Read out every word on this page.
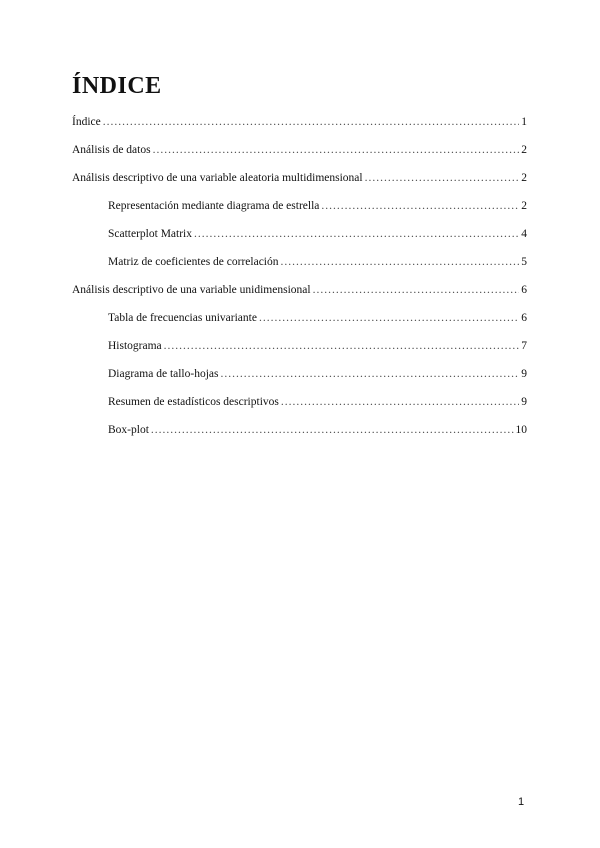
ÍNDICE
Índice .....	1
Análisis de datos .....	2
Análisis descriptivo de una variable aleatoria multidimensional .....	2
Representación mediante diagrama de estrella .....	2
Scatterplot Matrix .....	4
Matriz de coeficientes de correlación .....	5
Análisis descriptivo de una variable unidimensional .....	6
Tabla de frecuencias univariante .....	6
Histograma .....	7
Diagrama de tallo-hojas .....	9
Resumen de estadísticos descriptivos .....	9
Box-plot .....	10
1
